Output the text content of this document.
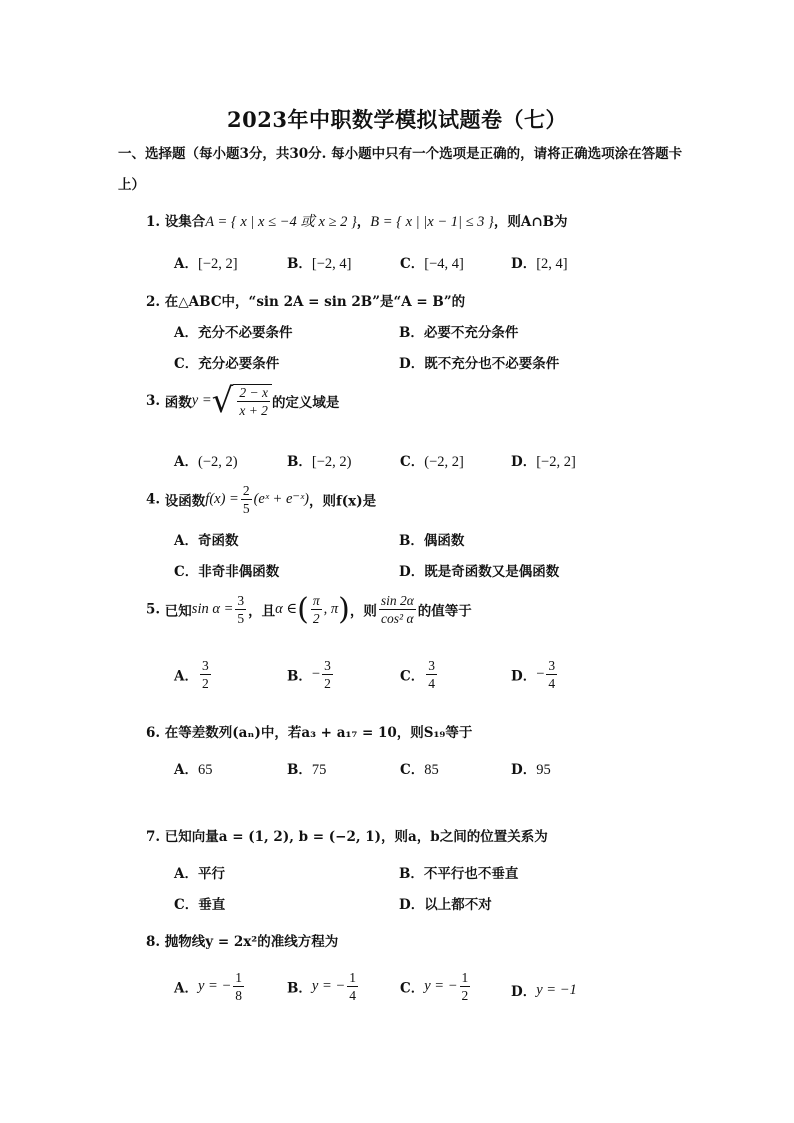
2023年中职数学模拟试题卷（七）
一、选择题（每小题3分，共30分. 每小题中只有一个选项是正确的，请将正确选项涂在答题卡上）
1. 设集合A = { x | x ≤ −4 或 x ≥ 2 }，B = { x | |x − 1| ≤ 3 }，则A∩B为
A．[−2, 2]	B．[−2, 4]	C．[−4, 4]	D．[2, 4]
2. 在△ABC中，“sin 2A = sin 2B”是“A = B”的
A．充分不必要条件	B．必要不充分条件
C．充分必要条件	D．既不充分也不必要条件
3. 函数y =√ $\frac{2 - x}{x + 2}$ 的定义域是
A．(−2, 2)	B．[−2, 2)	C．(−2, 2]	D．[−2, 2]
4. 设函数$f(x) = \frac{2}{5}$ (eˣ + e⁻ˣ)，则f(x)是
A．奇函数	B．偶函数
C．非奇非偶函数	D．既是奇函数又是偶函数
5. 已知$\sin \alpha = \frac{3}{5}$ ，且α ∈( $\frac{\pi}{2}$ , π)，则 $\frac{\sin 2\alpha}{\text{cos² α}}$ 的值等于
A． $\frac{3}{2}$	B．− $\frac{3}{2}$	C． $\frac{3}{4}$	D．− $\frac{3}{4}$
6. 在等差数列(aₙ)中，若a₃ + a₁₇ = 10，则S₁₉等于
A．65	B．75	C．85	D．95
7. 已知向量a = (1, 2), b = (−2, 1)，则a，b之间的位置关系为
A．平行	B．不平行也不垂直
C．垂直	D．以上都不对
8. 抛物线y = 2x²的准线方程为
A．y = − $\frac{1}{8}$	B．y = − $\frac{1}{4}$	C．y = − $\frac{1}{2}$	D．y = −1
